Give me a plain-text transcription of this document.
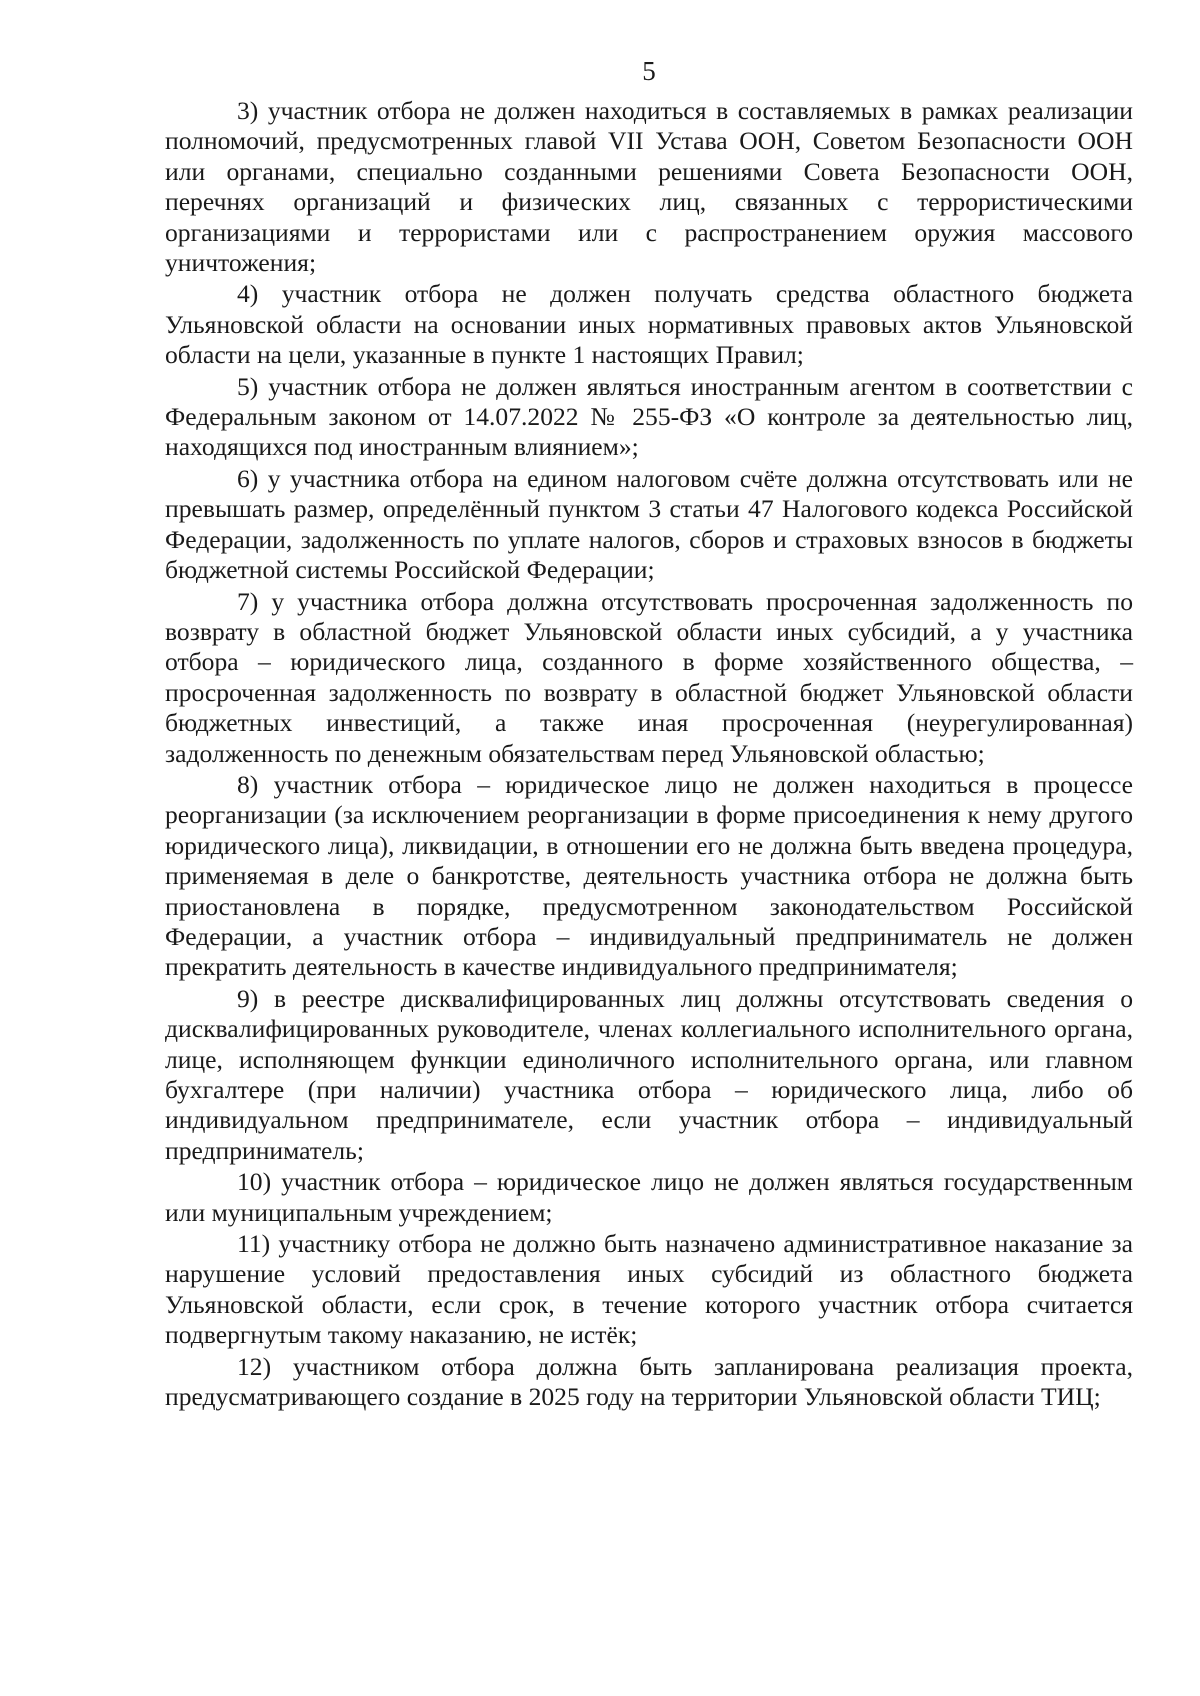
5

3) участник отбора не должен находиться в составляемых в рамках реализации полномочий, предусмотренных главой VII Устава ООН, Советом Безопасности ООН или органами, специально созданными решениями Совета Безопасности ООН, перечнях организаций и физических лиц, связанных с террористическими организациями и террористами или с распространением оружия массового уничтожения;

4) участник отбора не должен получать средства областного бюджета Ульяновской области на основании иных нормативных правовых актов Ульяновской области на цели, указанные в пункте 1 настоящих Правил;

5) участник отбора не должен являться иностранным агентом в соответствии с Федеральным законом от 14.07.2022 № 255-ФЗ «О контроле за деятельностью лиц, находящихся под иностранным влиянием»;

6) у участника отбора на едином налоговом счёте должна отсутствовать или не превышать размер, определённый пунктом 3 статьи 47 Налогового кодекса Российской Федерации, задолженность по уплате налогов, сборов и страховых взносов в бюджеты бюджетной системы Российской Федерации;

7) у участника отбора должна отсутствовать просроченная задолженность по возврату в областной бюджет Ульяновской области иных субсидий, а у участника отбора – юридического лица, созданного в форме хозяйственного общества, – просроченная задолженность по возврату в областной бюджет Ульяновской области бюджетных инвестиций, а также иная просроченная (неурегулированная) задолженность по денежным обязательствам перед Ульяновской областью;

8) участник отбора – юридическое лицо не должен находиться в процессе реорганизации (за исключением реорганизации в форме присоединения к нему другого юридического лица), ликвидации, в отношении его не должна быть введена процедура, применяемая в деле о банкротстве, деятельность участника отбора не должна быть приостановлена в порядке, предусмотренном законодательством Российской Федерации, а участник отбора – индивидуальный предприниматель не должен прекратить деятельность в качестве индивидуального предпринимателя;

9) в реестре дисквалифицированных лиц должны отсутствовать сведения о дисквалифицированных руководителе, членах коллегиального исполнительного органа, лице, исполняющем функции единоличного исполнительного органа, или главном бухгалтере (при наличии) участника отбора – юридического лица, либо об индивидуальном предпринимателе, если участник отбора – индивидуальный предприниматель;

10) участник отбора – юридическое лицо не должен являться государственным или муниципальным учреждением;

11) участнику отбора не должно быть назначено административное наказание за нарушение условий предоставления иных субсидий из областного бюджета Ульяновской области, если срок, в течение которого участник отбора считается подвергнутым такому наказанию, не истёк;

12) участником отбора должна быть запланирована реализация проекта, предусматривающего создание в 2025 году на территории Ульяновской области ТИЦ;
